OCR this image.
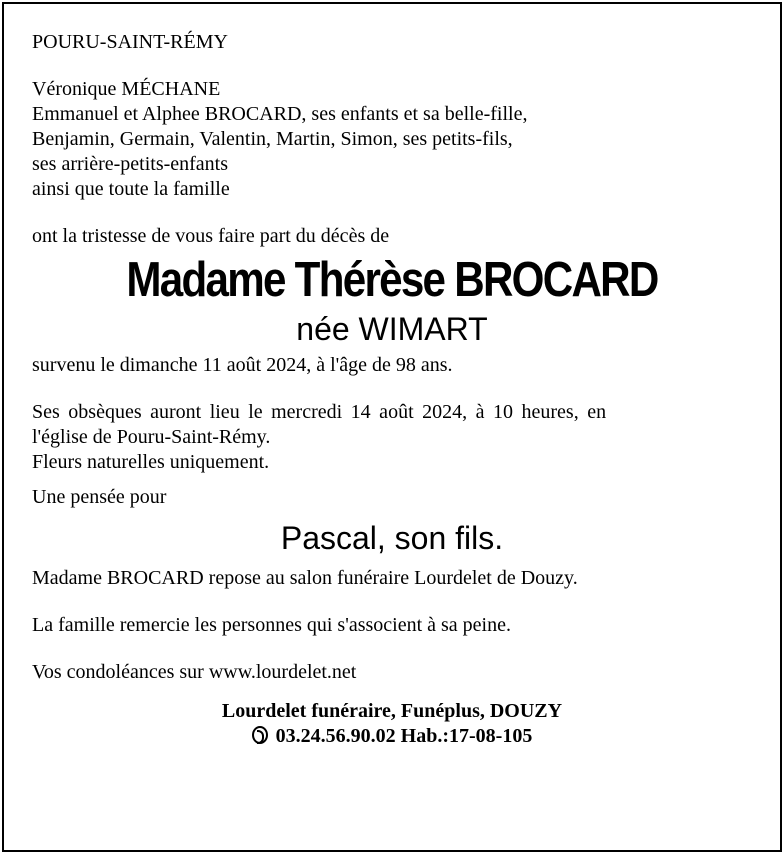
POURU-SAINT-RÉMY
Véronique MÉCHANE
Emmanuel et Alphee BROCARD, ses enfants et sa belle-fille,
Benjamin, Germain, Valentin, Martin, Simon, ses petits-fils,
ses arrière-petits-enfants
ainsi que toute la famille
ont la tristesse de vous faire part du décès de
Madame Thérèse BROCARD
née WIMART
survenu le dimanche 11 août 2024, à l'âge de 98 ans.
Ses obsèques auront lieu le mercredi 14 août 2024, à 10 heures, en
l'église de Pouru-Saint-Rémy.
Fleurs naturelles uniquement.
Une pensée pour
Pascal, son fils.
Madame BROCARD repose au salon funéraire Lourdelet de Douzy.
La famille remercie les personnes qui s'associent à sa peine.
Vos condoléances sur www.lourdelet.net
Lourdelet funéraire, Funéplus, DOUZY
03.24.56.90.02 Hab.:17-08-105
